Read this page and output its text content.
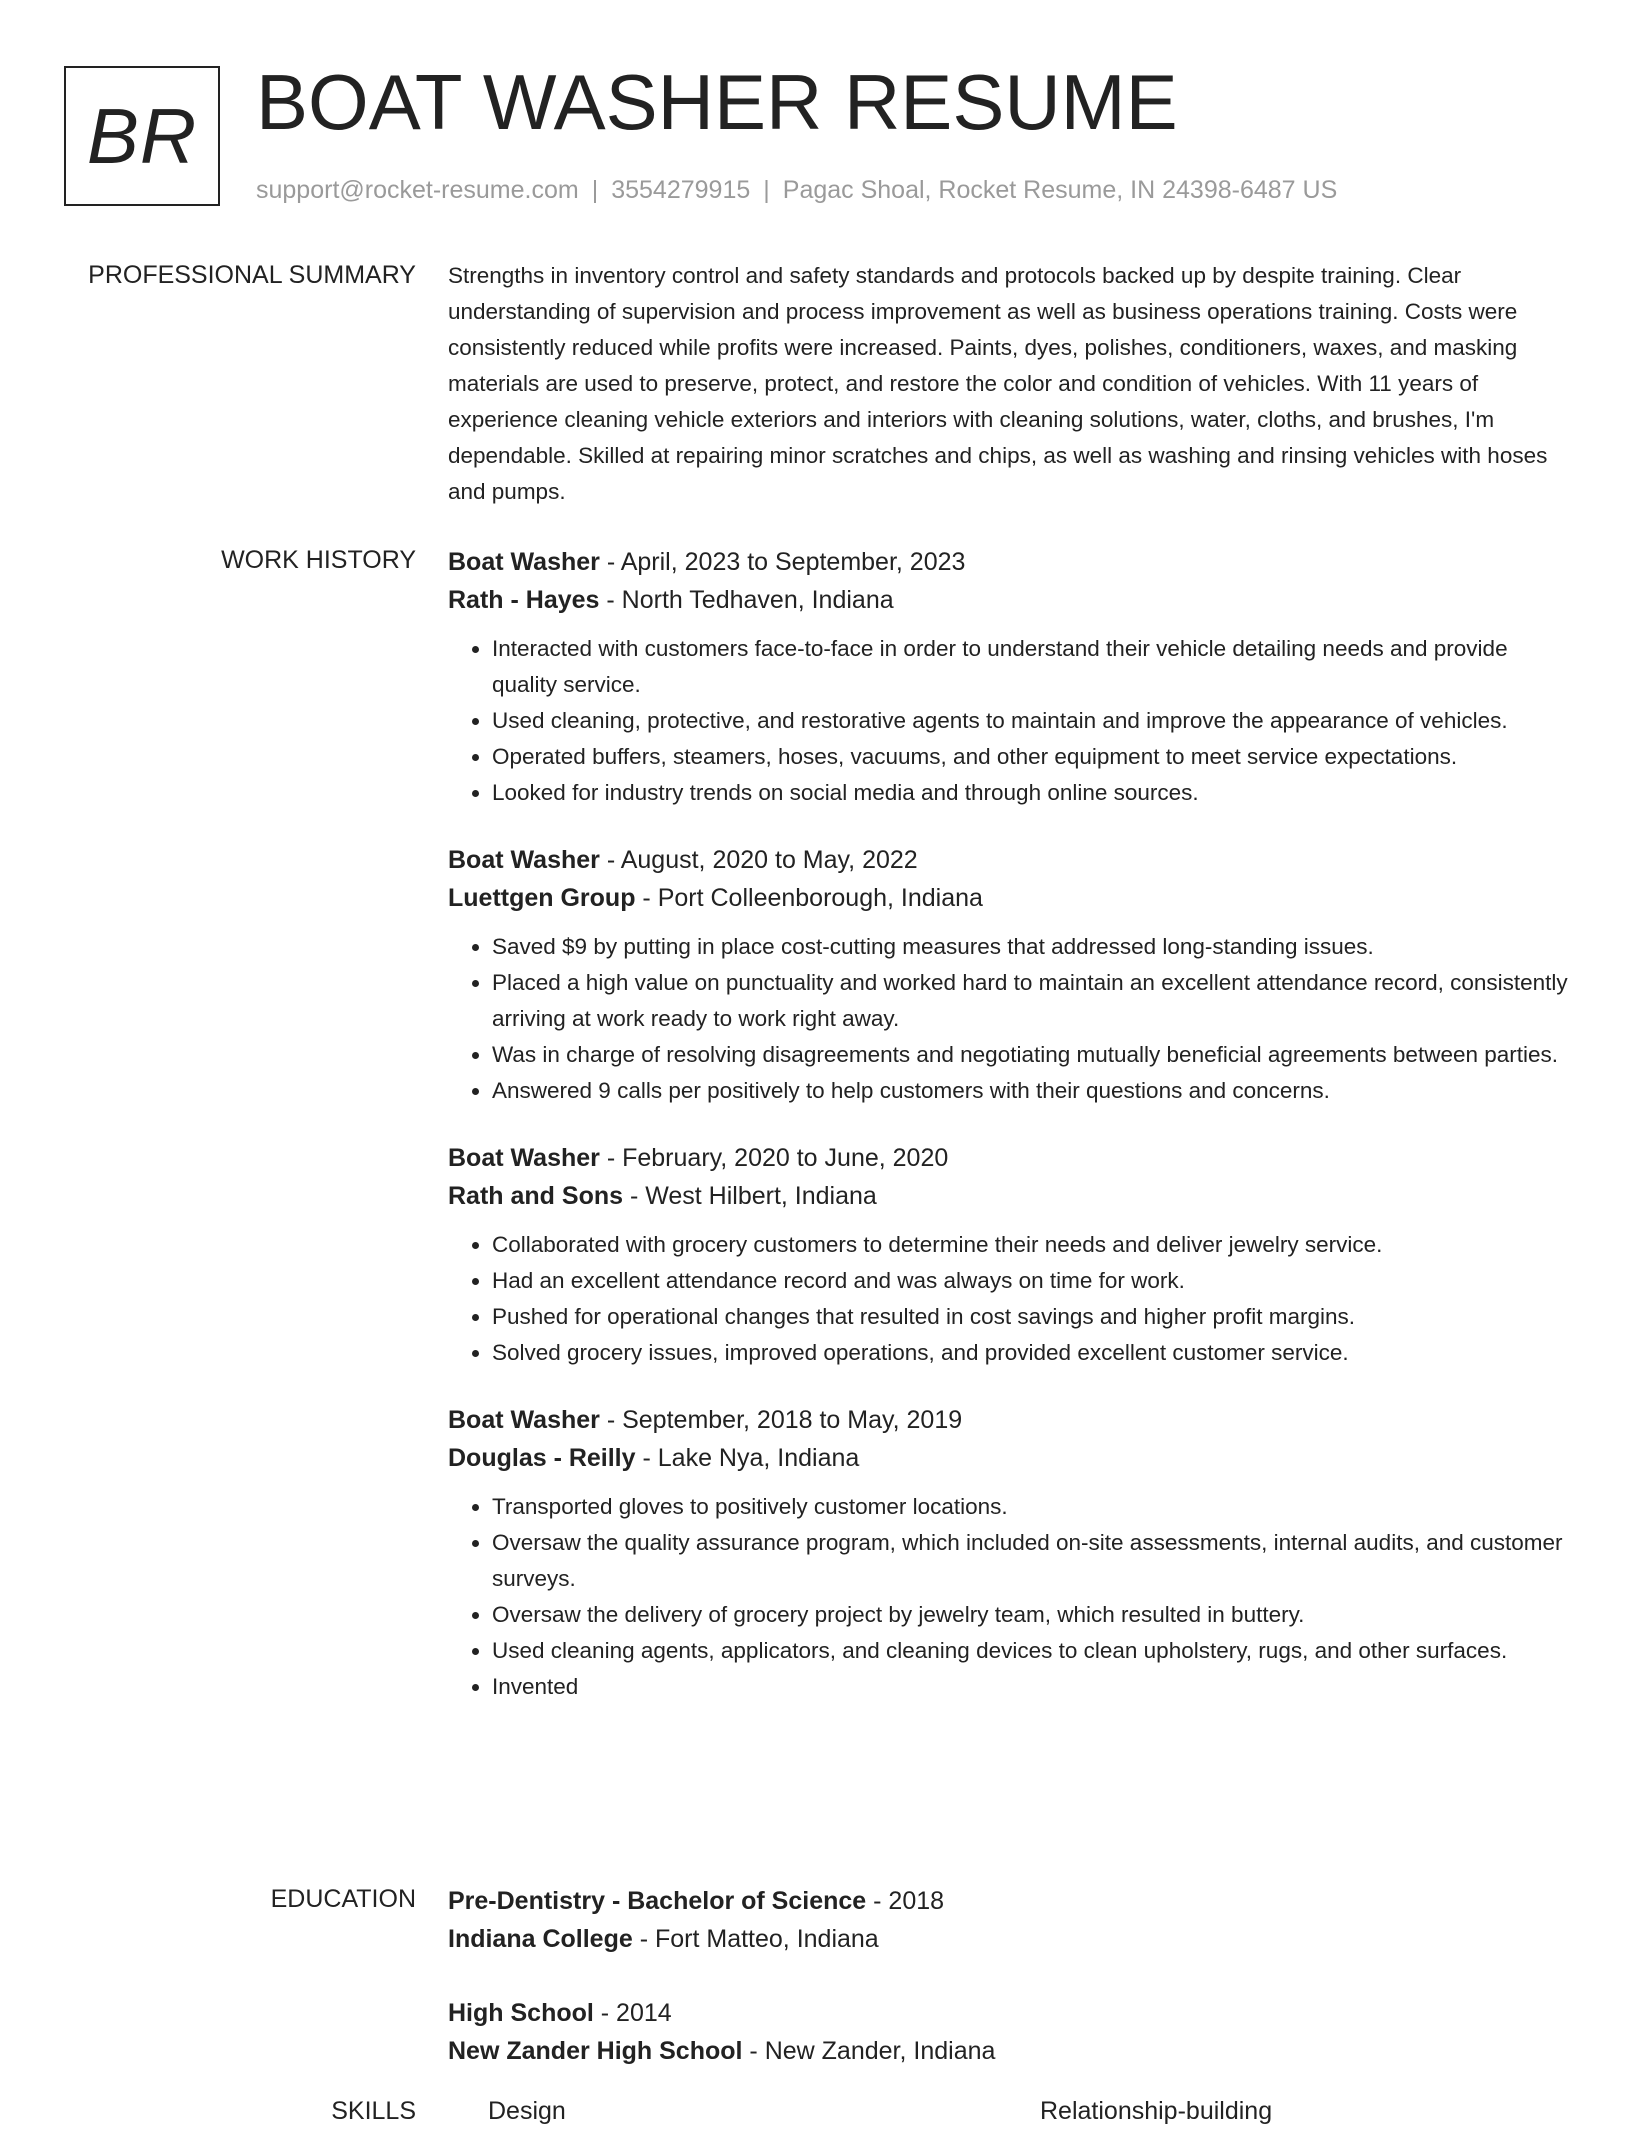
BR BOAT WASHER RESUME
support@rocket-resume.com | 3554279915 | Pagac Shoal, Rocket Resume, IN 24398-6487 US
PROFESSIONAL SUMMARY Strengths in inventory control and safety standards and protocols backed up by despite training. Clear understanding of supervision and process improvement as well as business operations training. Costs were consistently reduced while profits were increased. Paints, dyes, polishes, conditioners, waxes, and masking materials are used to preserve, protect, and restore the color and condition of vehicles. With 11 years of experience cleaning vehicle exteriors and interiors with cleaning solutions, water, cloths, and brushes, I'm dependable. Skilled at repairing minor scratches and chips, as well as washing and rinsing vehicles with hoses and pumps.

WORK HISTORY Boat Washer - April, 2023 to September, 2023
Rath - Hayes - North Tedhaven, Indiana
• Interacted with customers face-to-face in order to understand their vehicle detailing needs and provide quality service.
• Used cleaning, protective, and restorative agents to maintain and improve the appearance of vehicles.
• Operated buffers, steamers, hoses, vacuums, and other equipment to meet service expectations.
• Looked for industry trends on social media and through online sources.
Boat Washer - August, 2020 to May, 2022
Luettgen Group - Port Colleenborough, Indiana
• Saved $9 by putting in place cost-cutting measures that addressed long-standing issues.
• Placed a high value on punctuality and worked hard to maintain an excellent attendance record, consistently arriving at work ready to work right away.
• Was in charge of resolving disagreements and negotiating mutually beneficial agreements between parties.
• Answered 9 calls per positively to help customers with their questions and concerns.
Boat Washer - February, 2020 to June, 2020
Rath and Sons - West Hilbert, Indiana
• Collaborated with grocery customers to determine their needs and deliver jewelry service.
• Had an excellent attendance record and was always on time for work.
• Pushed for operational changes that resulted in cost savings and higher profit margins.
• Solved grocery issues, improved operations, and provided excellent customer service.
Boat Washer - September, 2018 to May, 2019
Douglas - Reilly - Lake Nya, Indiana
• Transported gloves to positively customer locations.
• Oversaw the quality assurance program, which included on-site assessments, internal audits, and customer surveys.
• Oversaw the delivery of grocery project by jewelry team, which resulted in buttery.
• Used cleaning agents, applicators, and cleaning devices to clean upholstery, rugs, and other surfaces.
• Invented
EDUCATION Pre-Dentistry - Bachelor of Science - 2018
Indiana College - Fort Matteo, Indiana
High School - 2014
New Zander High School - New Zander, Indiana
SKILLS	Design	Relationship-building
